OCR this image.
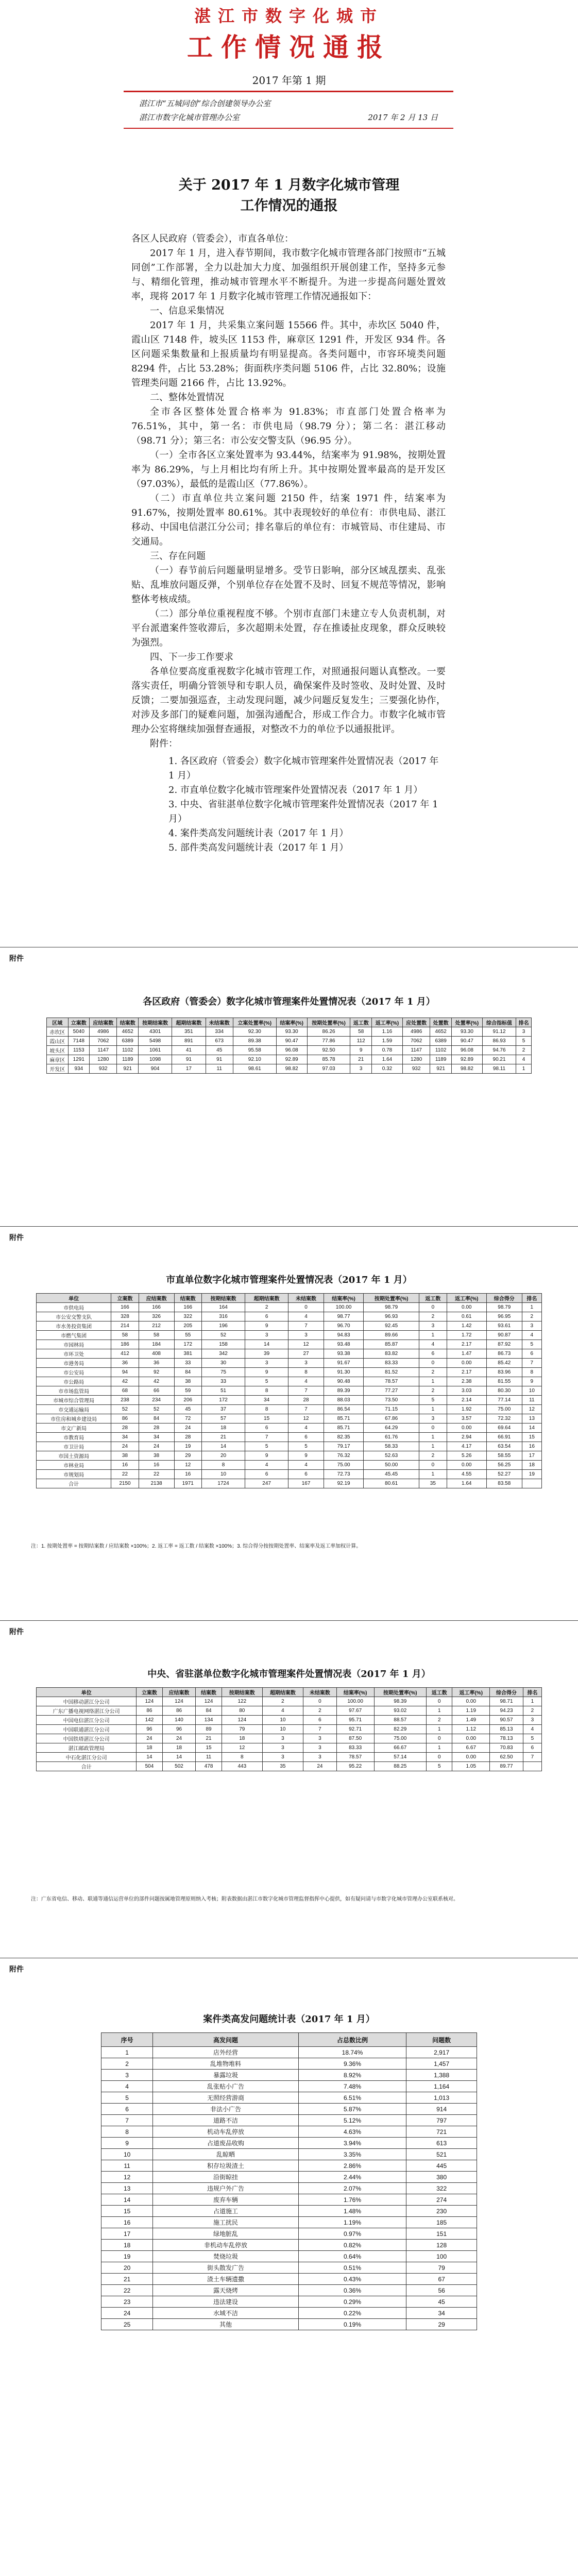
湛江市数字化城市
工作情况通报
2017 年第 1 期
湛江市“五城同创”综合创建领导办公室
湛江市数字化城市管理办公室	2017 年 2 月 13 日
关于 2017 年 1 月数字化城市管理
工作情况的通报

各区人民政府（管委会），市直各单位：

2017 年 1 月，进入春节期间，我市数字化城市管理各部门按照市“五城同创”工作部署，全力以赴加大力度、加强组织开展创建工作，坚持多元参与、精细化管理，推动城市管理水平不断提升。为进一步提高问题处置效率，现将 2017 年 1 月数字化城市管理工作情况通报如下：

一、信息采集情况

2017 年 1 月，共采集立案问题 15566 件。其中，赤坎区 5040 件，霞山区 7148 件，坡头区 1153 件，麻章区 1291 件，开发区 934 件。各区问题采集数量和上报质量均有明显提高。各类问题中，市容环境类问题 8294 件，占比 53.28%；街面秩序类问题 5106 件，占比 32.80%；设施管理类问题 2166 件，占比 13.92%。

二、整体处置情况

全市各区整体处置合格率为 91.83%；市直部门处置合格率为 76.51%，其中，第一名：市供电局（98.79 分）；第二名：湛江移动（98.71 分）；第三名：市公安交警支队（96.95 分）。

（一）全市各区立案处置率为 93.44%，结案率为 91.98%，按期处置率为 86.29%，与上月相比均有所上升。其中按期处置率最高的是开发区（97.03%），最低的是霞山区（77.86%）。

（二）市直单位共立案问题 2150 件，结案 1971 件，结案率为 91.67%，按期处置率 80.61%。其中表现较好的单位有：市供电局、湛江移动、中国电信湛江分公司；排名靠后的单位有：市城管局、市住建局、市交通局。

三、存在问题

（一）春节前后问题量明显增多。受节日影响，部分区域乱摆卖、乱张贴、乱堆放问题反弹，个别单位存在处置不及时、回复不规范等情况，影响整体考核成绩。

（二）部分单位重视程度不够。个别市直部门未建立专人负责机制，对平台派遣案件签收滞后，多次超期未处置，存在推诿扯皮现象，群众反映较为强烈。

四、下一步工作要求

各单位要高度重视数字化城市管理工作，对照通报问题认真整改。一要落实责任，明确分管领导和专职人员，确保案件及时签收、及时处置、及时反馈；二要加强巡查，主动发现问题，减少问题反复发生；三要强化协作，对涉及多部门的疑难问题，加强沟通配合，形成工作合力。市数字化城市管理办公室将继续加强督查通报，对整改不力的单位予以通报批评。

附件：

1. 各区政府（管委会）数字化城市管理案件处置情况表（2017 年 1 月）
2. 市直单位数字化城市管理案件处置情况表（2017 年 1 月）
3. 中央、省驻湛单位数字化城市管理案件处置情况表（2017 年 1 月）
4. 案件类高发问题统计表（2017 年 1 月）
5. 部件类高发问题统计表（2017 年 1 月）
附件
各区政府（管委会）数字化城市管理案件处置情况表（2017 年 1 月）
区域	立案数	应结案数	结案数	按期结案数	超期结案数	未结案数	立案处置率(%)	结案率(%)	按期处置率(%)	返工数	返工率(%)	应处置数	处置数	处置率(%)	综合指标值	排名
赤坎区	5040	4986	4652	4301	351	334	92.30	93.30	86.26	58	1.16	4986	4652	93.30	91.12	3
霞山区	7148	7062	6389	5498	891	673	89.38	90.47	77.86	112	1.59	7062	6389	90.47	86.93	5
坡头区	1153	1147	1102	1061	41	45	95.58	96.08	92.50	9	0.78	1147	1102	96.08	94.76	2
麻章区	1291	1280	1189	1098	91	91	92.10	92.89	85.78	21	1.64	1280	1189	92.89	90.21	4
开发区	934	932	921	904	17	11	98.61	98.82	97.03	3	0.32	932	921	98.82	98.11	1
附件
市直单位数字化城市管理案件处置情况表（2017 年 1 月）
单位	立案数	应结案数	结案数	按期结案数	超期结案数	未结案数	结案率(%)	按期处置率(%)	返工数	返工率(%)	综合得分	排名
市供电局	166	166	166	164	2	0	100.00	98.79	0	0.00	98.79	1
市公安交警支队	328	326	322	316	6	4	98.77	96.93	2	0.61	96.95	2
市水务投资集团	214	212	205	196	9	7	96.70	92.45	3	1.42	93.61	3
市燃气集团	58	58	55	52	3	3	94.83	89.66	1	1.72	90.87	4
市园林局	186	184	172	158	14	12	93.48	85.87	4	2.17	87.92	5
市环卫处	412	408	381	342	39	27	93.38	83.82	6	1.47	86.73	6
市港务局	36	36	33	30	3	3	91.67	83.33	0	0.00	85.42	7
市公安局	94	92	84	75	9	8	91.30	81.52	2	2.17	83.96	8
市公路局	42	42	38	33	5	4	90.48	78.57	1	2.38	81.55	9
市市场监管局	68	66	59	51	8	7	89.39	77.27	2	3.03	80.30	10
市城市综合管理局	238	234	206	172	34	28	88.03	73.50	5	2.14	77.14	11
市交通运输局	52	52	45	37	8	7	86.54	71.15	1	1.92	75.00	12
市住房和城乡建设局	86	84	72	57	15	12	85.71	67.86	3	3.57	72.32	13
市文广新局	28	28	24	18	6	4	85.71	64.29	0	0.00	69.64	14
市教育局	34	34	28	21	7	6	82.35	61.76	1	2.94	66.91	15
市卫计局	24	24	19	14	5	5	79.17	58.33	1	4.17	63.54	16
市国土资源局	38	38	29	20	9	9	76.32	52.63	2	5.26	58.55	17
市林业局	16	16	12	8	4	4	75.00	50.00	0	0.00	56.25	18
市规划局	22	22	16	10	6	6	72.73	45.45	1	4.55	52.27	19
合计	2150	2138	1971	1724	247	167	92.19	80.61	35	1.64	83.58	
注：1. 按期处置率 = 按期结案数 / 应结案数 ×100%；2. 返工率 = 返工数 / 结案数 ×100%；3. 综合得分按按期处置率、结案率及返工率加权计算。
附件
中央、省驻湛单位数字化城市管理案件处置情况表（2017 年 1 月）
单位	立案数	应结案数	结案数	按期结案数	超期结案数	未结案数	结案率(%)	按期处置率(%)	返工数	返工率(%)	综合得分	排名
中国移动湛江分公司	124	124	124	122	2	0	100.00	98.39	0	0.00	98.71	1
广东广播电视网络湛江分公司	86	86	84	80	4	2	97.67	93.02	1	1.19	94.23	2
中国电信湛江分公司	142	140	134	124	10	6	95.71	88.57	2	1.49	90.57	3
中国联通湛江分公司	96	96	89	79	10	7	92.71	82.29	1	1.12	85.13	4
中国铁塔湛江分公司	24	24	21	18	3	3	87.50	75.00	0	0.00	78.13	5
湛江邮政管理局	18	18	15	12	3	3	83.33	66.67	1	6.67	70.83	6
中石化湛江分公司	14	14	11	8	3	3	78.57	57.14	0	0.00	62.50	7
合计	504	502	478	443	35	24	95.22	88.25	5	1.05	89.77	
注：广东省电信、移动、联通等通信运营单位的部件问题按属地管理原则纳入考核；附表数据由湛江市数字化城市管理监督指挥中心提供，如有疑问请与市数字化城市管理办公室联系核对。
附件
案件类高发问题统计表（2017 年 1 月）
序号	高发问题	占总数比例	问题数
1	店外经营	18.74%	2,917
2	乱堆物堆料	9.36%	1,457
3	暴露垃圾	8.92%	1,388
4	乱张贴小广告	7.48%	1,164
5	无照经营游商	6.51%	1,013
6	非法小广告	5.87%	914
7	道路不洁	5.12%	797
8	机动车乱停放	4.63%	721
9	占道废品收购	3.94%	613
10	乱晾晒	3.35%	521
11	积存垃圾渣土	2.86%	445
12	沿街晾挂	2.44%	380
13	违规户外广告	2.07%	322
14	废弃车辆	1.76%	274
15	占道施工	1.48%	230
16	施工扰民	1.19%	185
17	绿地脏乱	0.97%	151
18	非机动车乱停放	0.82%	128
19	焚烧垃圾	0.64%	100
20	街头散发广告	0.51%	79
21	渣土车辆遗撒	0.43%	67
22	露天烧烤	0.36%	56
23	违法建设	0.29%	45
24	水域不洁	0.22%	34
25	其他	0.19%	29
